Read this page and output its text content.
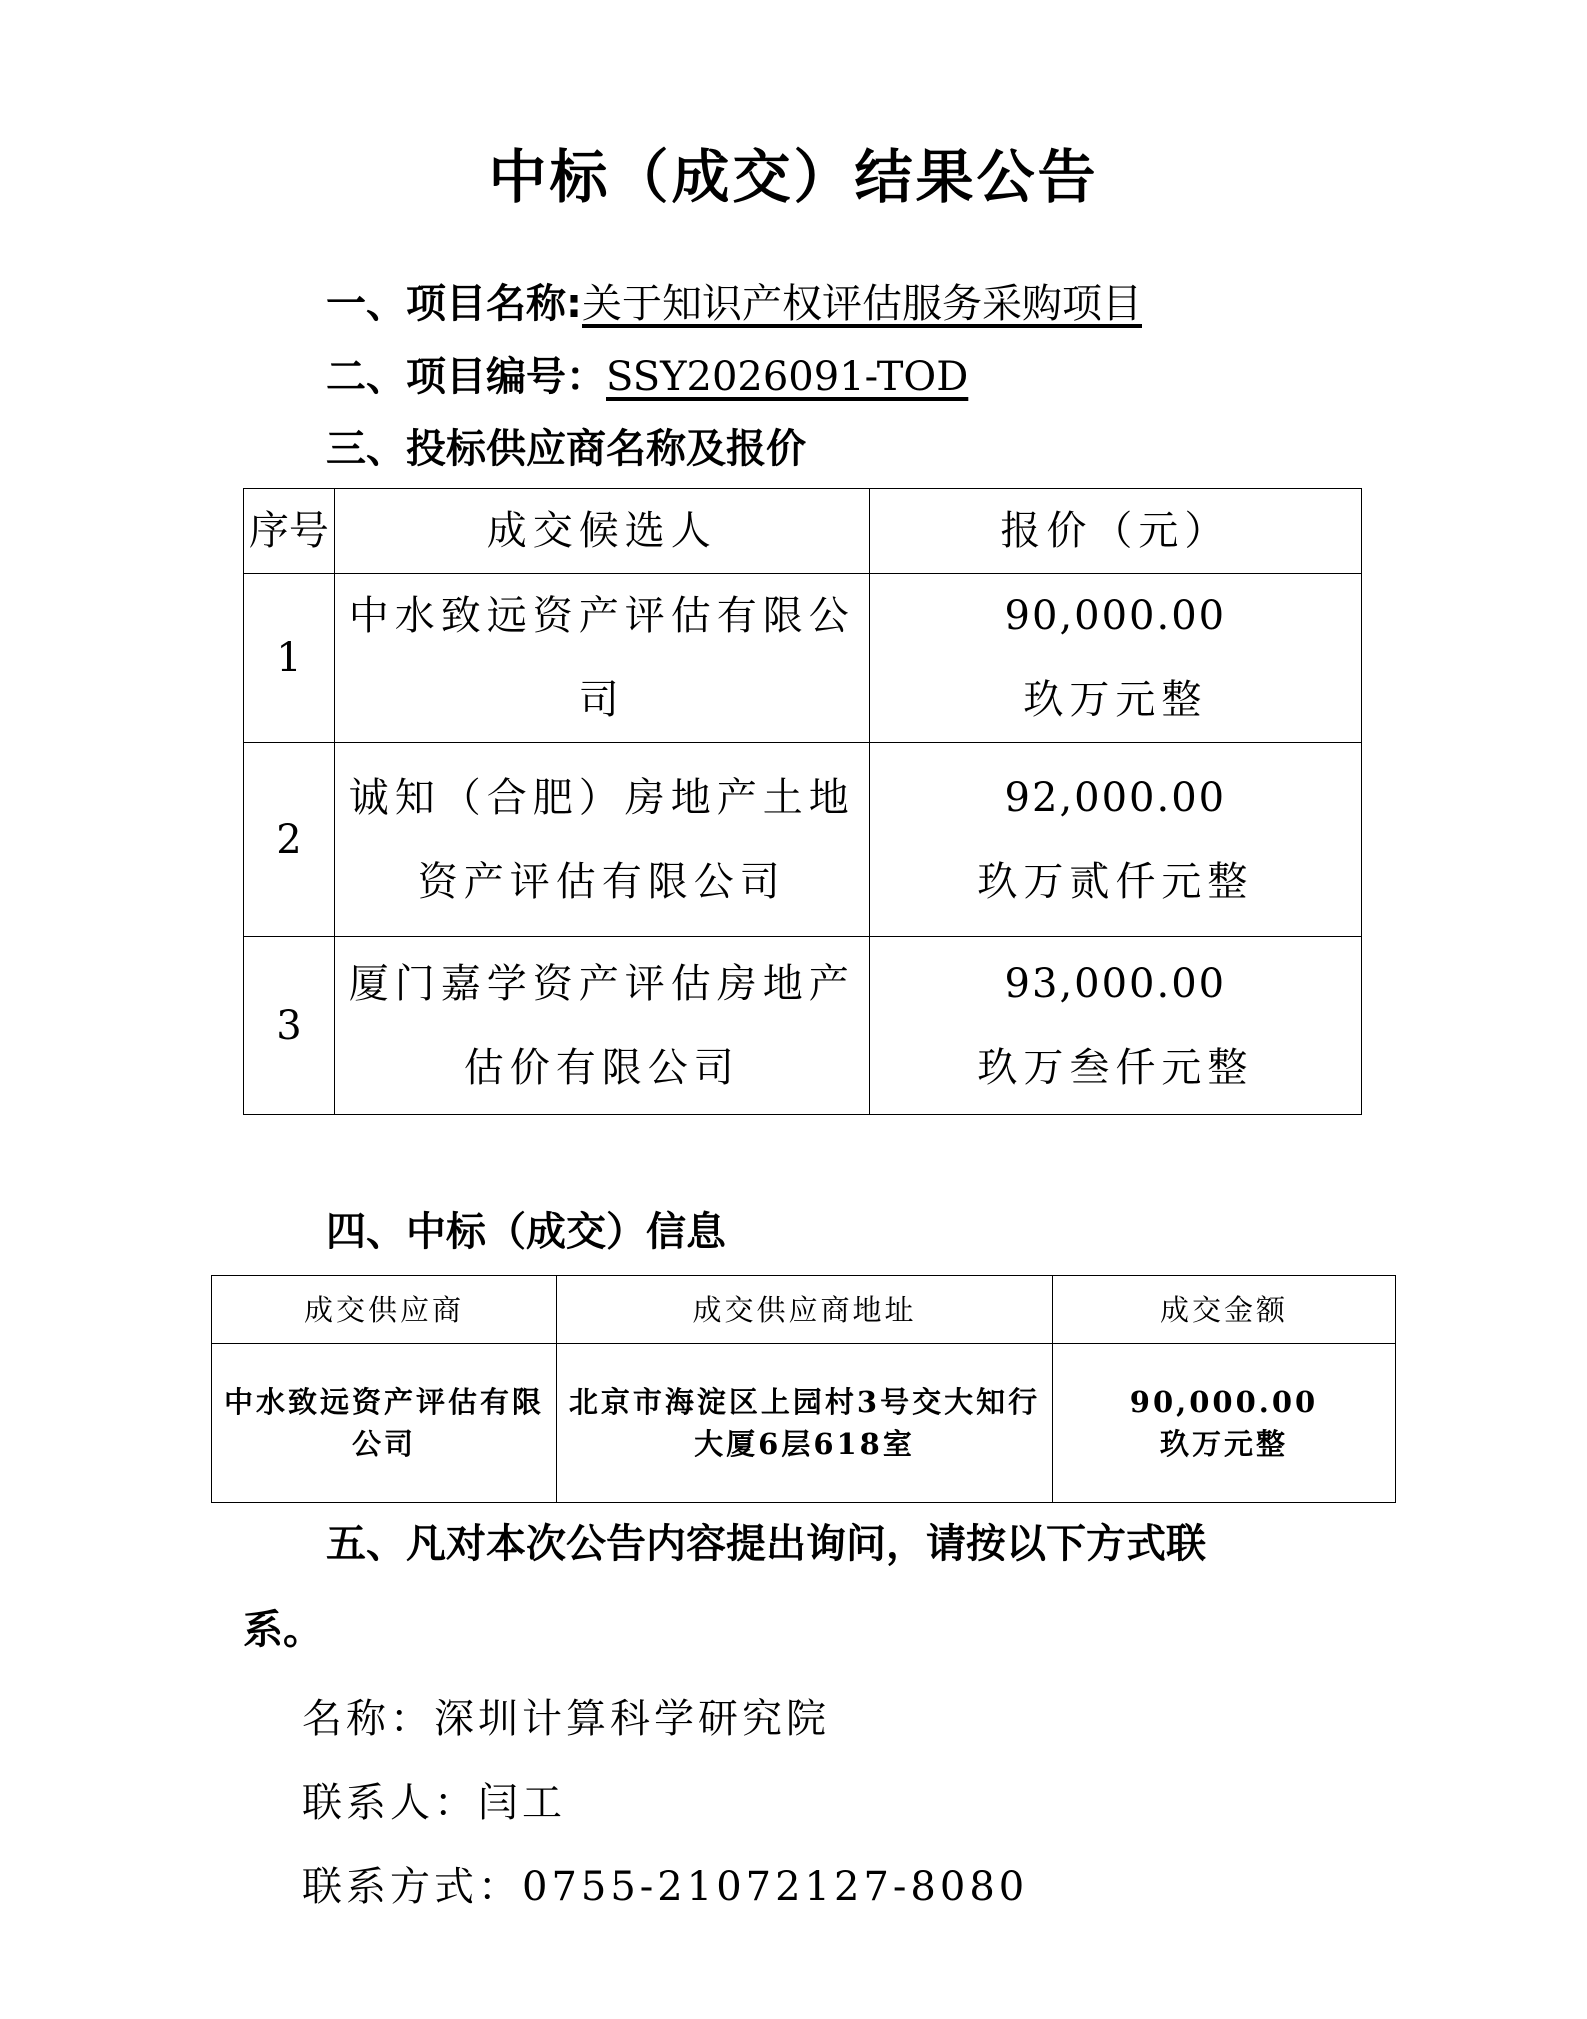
中标（成交）结果公告
一、项目名称:关于知识产权评估服务采购项目
二、项目编号：SSY2026091-TOD
三、投标供应商名称及报价
序号	成交候选人	报价（元）
1	中水致远资产评估有限公司	90,000.00
玖万元整

2	诚知（合肥）房地产土地资产评估有限公司	92,000.00
玖万贰仟元整

3	厦门嘉学资产评估房地产估价有限公司	93,000.00
玖万叁仟元整
四、中标（成交）信息
成交供应商	成交供应商地址	成交金额
中水致远资产评估有限公司	北京市海淀区上园村3号交大知行大厦6层618室	90,000.00
玖万元整
五、凡对本次公告内容提出询问，请按以下方式联
系。
名称：深圳计算科学研究院
联系人：闫工
联系方式：0755-21072127-8080
